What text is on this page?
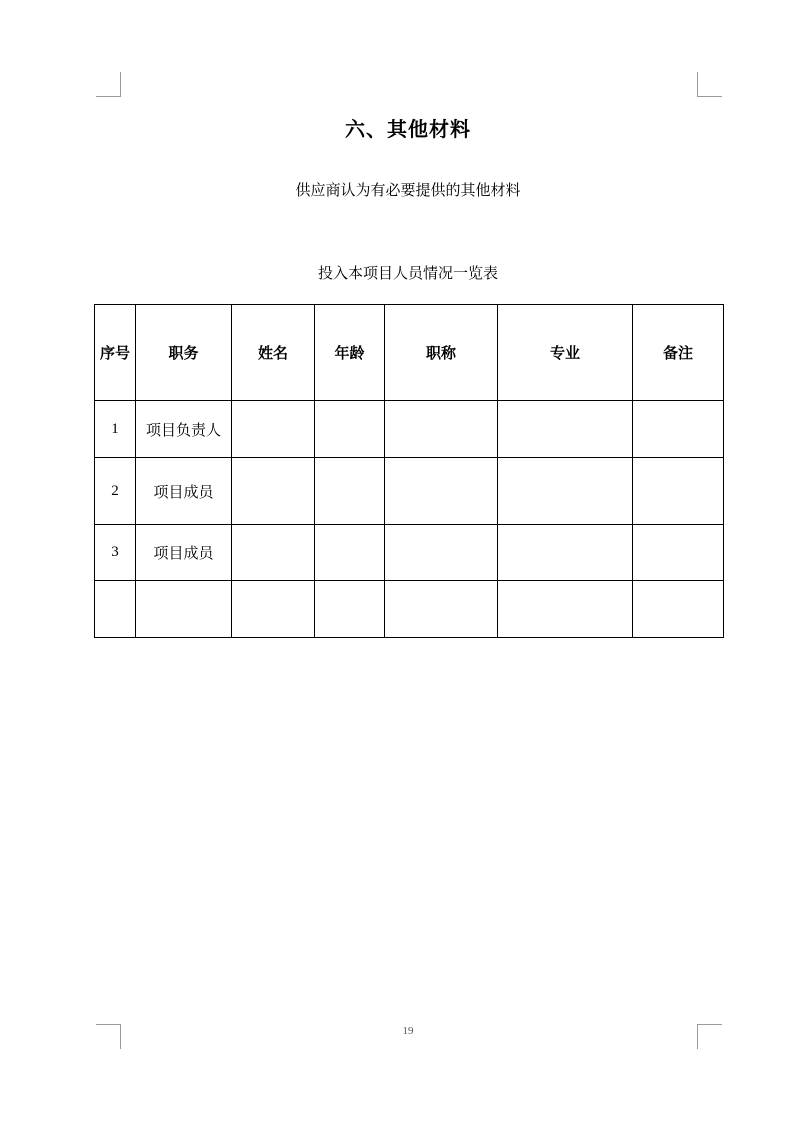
六、其他材料
供应商认为有必要提供的其他材料
投入本项目人员情况一览表
序号	职务	姓名	年龄	职称	专业	备注
1	项目负责人					
2	项目成员					
3	项目成员					

19
